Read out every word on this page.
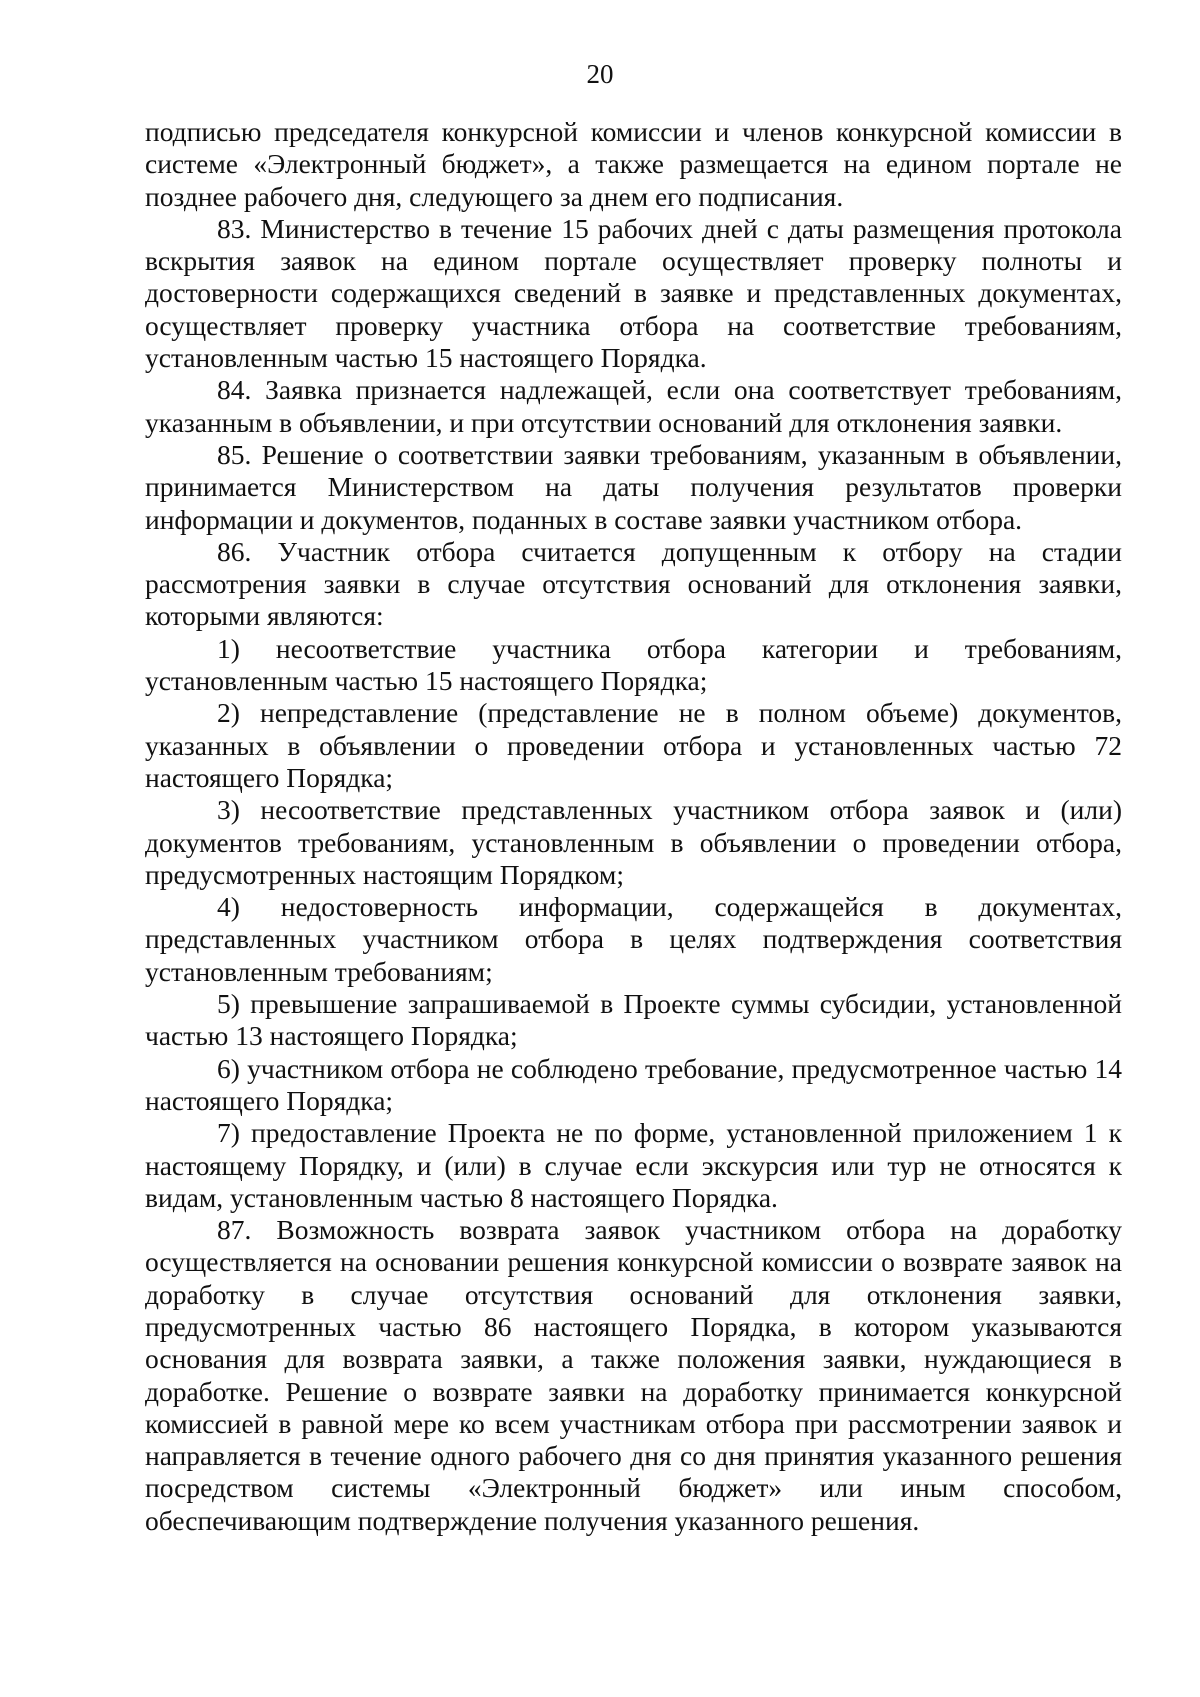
20

подписью председателя конкурсной комиссии и членов конкурсной комиссии в системе «Электронный бюджет», а также размещается на едином портале не позднее рабочего дня, следующего за днем его подписания.

83. Министерство в течение 15 рабочих дней с даты размещения протокола вскрытия заявок на едином портале осуществляет проверку полноты и достоверности содержащихся сведений в заявке и представленных документах, осуществляет проверку участника отбора на соответствие требованиям, установленным частью 15 настоящего Порядка.

84. Заявка признается надлежащей, если она соответствует требованиям, указанным в объявлении, и при отсутствии оснований для отклонения заявки.

85. Решение о соответствии заявки требованиям, указанным в объявлении, принимается Министерством на даты получения результатов проверки информации и документов, поданных в составе заявки участником отбора.

86. Участник отбора считается допущенным к отбору на стадии рассмотрения заявки в случае отсутствия оснований для отклонения заявки, которыми являются:

1) несоответствие участника отбора категории и требованиям, установленным частью 15 настоящего Порядка;

2) непредставление (представление не в полном объеме) документов, указанных в объявлении о проведении отбора и установленных частью 72 настоящего Порядка;

3) несоответствие представленных участником отбора заявок и (или) документов требованиям, установленным в объявлении о проведении отбора, предусмотренных настоящим Порядком;

4) недостоверность информации, содержащейся в документах, представленных участником отбора в целях подтверждения соответствия установленным требованиям;

5) превышение запрашиваемой в Проекте суммы субсидии, установленной частью 13 настоящего Порядка;

6) участником отбора не соблюдено требование, предусмотренное частью 14 настоящего Порядка;

7) предоставление Проекта не по форме, установленной приложением 1 к настоящему Порядку, и (или) в случае если экскурсия или тур не относятся к видам, установленным частью 8 настоящего Порядка.

87. Возможность возврата заявок участником отбора на доработку осуществляется на основании решения конкурсной комиссии о возврате заявок на доработку в случае отсутствия оснований для отклонения заявки, предусмотренных частью 86 настоящего Порядка, в котором указываются основания для возврата заявки, а также положения заявки, нуждающиеся в доработке. Решение о возврате заявки на доработку принимается конкурсной комиссией в равной мере ко всем участникам отбора при рассмотрении заявок и направляется в течение одного рабочего дня со дня принятия указанного решения посредством системы «Электронный бюджет» или иным способом, обеспечивающим подтверждение получения указанного решения.
